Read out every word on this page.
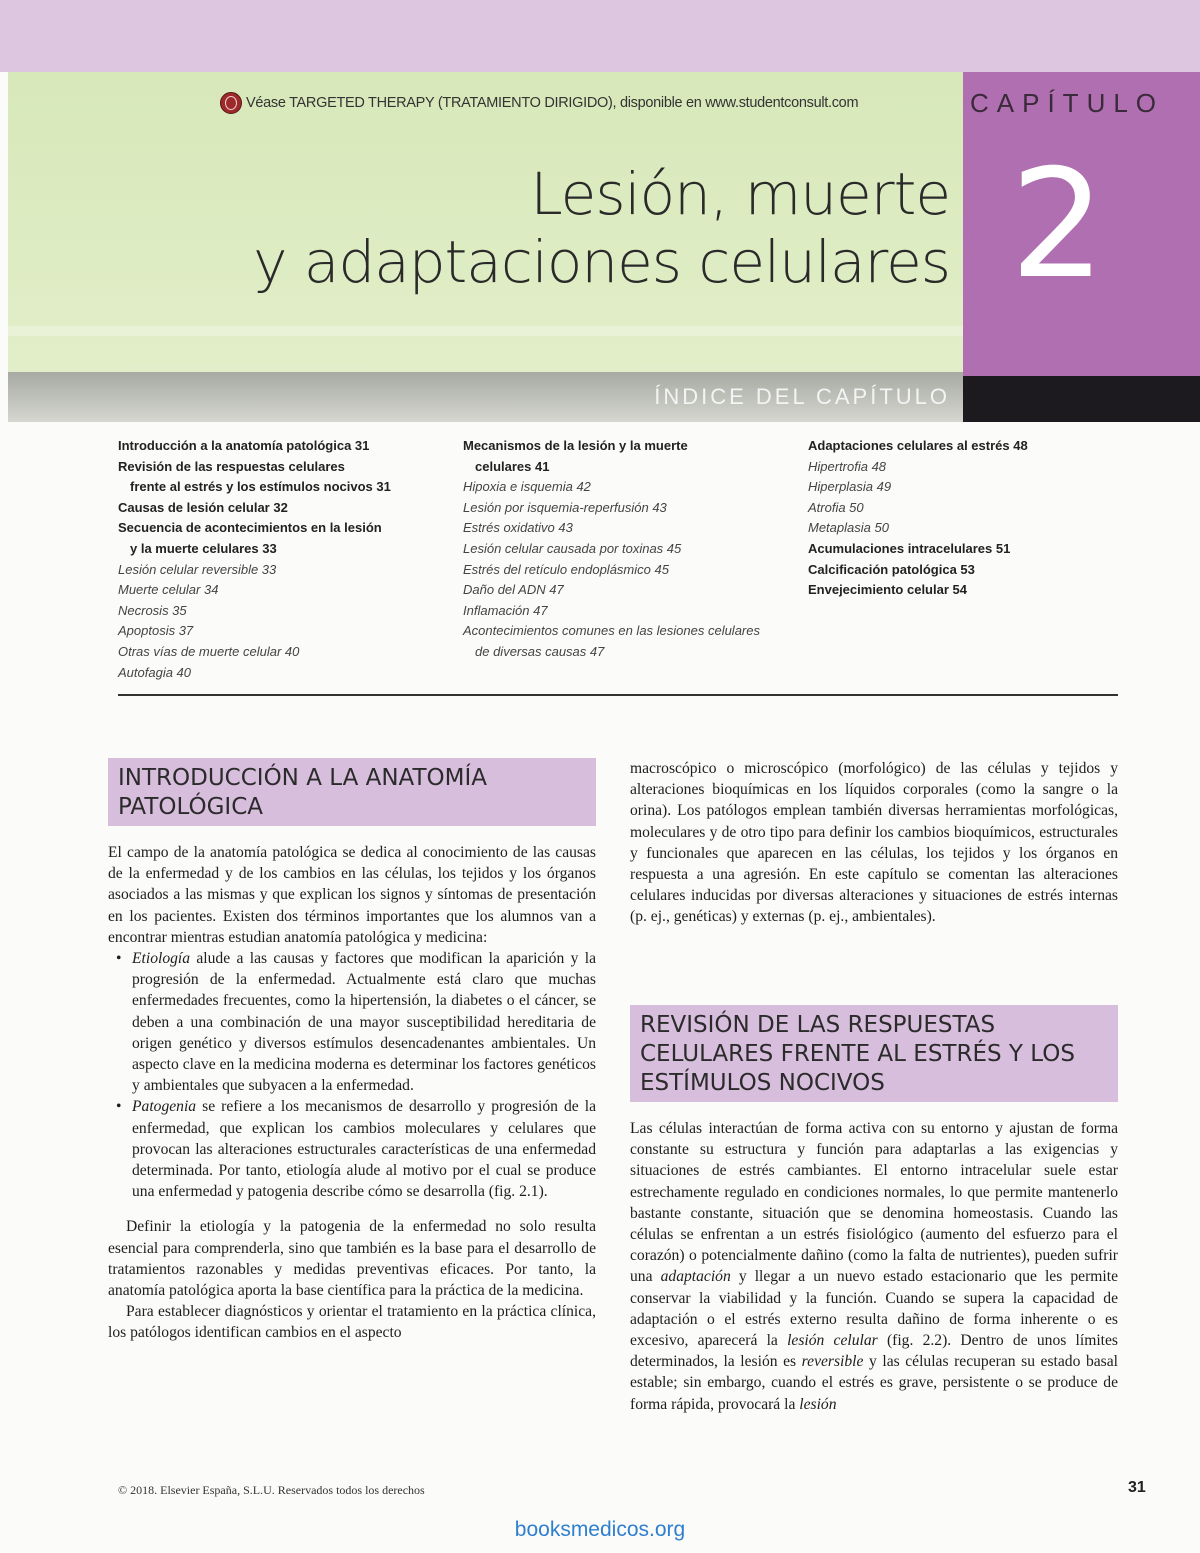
Véase TARGETED THERAPY (TRATAMIENTO DIRIGIDO), disponible en www.studentconsult.com	CAPÍTULO
2
Lesión, muerte
y adaptaciones celulares
ÍNDICE DEL CAPÍTULO
Introducción a la anatomía patológica 31
Revisión de las respuestas celulares
frente al estrés y los estímulos nocivos 31
Causas de lesión celular 32
Secuencia de acontecimientos en la lesión
y la muerte celulares 33
Lesión celular reversible 33
Muerte celular 34
Necrosis 35
Apoptosis 37
Otras vías de muerte celular 40
Autofagia 40
Mecanismos de la lesión y la muerte
celulares 41
Hipoxia e isquemia 42
Lesión por isquemia-reperfusión 43
Estrés oxidativo 43
Lesión celular causada por toxinas 45
Estrés del retículo endoplásmico 45
Daño del ADN 47
Inflamación 47
Acontecimientos comunes en las lesiones celulares
de diversas causas 47
Adaptaciones celulares al estrés 48
Hipertrofia 48
Hiperplasia 49
Atrofia 50
Metaplasia 50
Acumulaciones intracelulares 51
Calcificación patológica 53
Envejecimiento celular 54
INTRODUCCIÓN A LA ANATOMÍA PATOLÓGICA

El campo de la anatomía patológica se dedica al conocimiento de las causas de la enfermedad y de los cambios en las células, los tejidos y los órganos asociados a las mismas y que explican los signos y síntomas de presentación en los pacientes. Existen dos términos importantes que los alumnos van a encontrar mientras estudian anatomía patológica y medicina:

• Etiología alude a las causas y factores que modifican la aparición y la progresión de la enfermedad. Actualmente está claro que muchas enfermedades frecuentes, como la hipertensión, la diabetes o el cáncer, se deben a una combinación de una mayor susceptibilidad hereditaria de origen genético y diversos estímulos desencadenantes ambientales. Un aspecto clave en la medicina moderna es determinar los factores genéticos y ambientales que subyacen a la enfermedad.
• Patogenia se refiere a los mecanismos de desarrollo y progresión de la enfermedad, que explican los cambios moleculares y celulares que provocan las alteraciones estructurales características de una enfermedad determinada. Por tanto, etiología alude al motivo por el cual se produce una enfermedad y patogenia describe cómo se desarrolla (fig. 2.1).

Definir la etiología y la patogenia de la enfermedad no solo resulta esencial para comprenderla, sino que también es la base para el desarrollo de tratamientos razonables y medidas preventivas eficaces. Por tanto, la anatomía patológica aporta la base científica para la práctica de la medicina.

Para establecer diagnósticos y orientar el tratamiento en la práctica clínica, los patólogos identifican cambios en el aspecto

macroscópico o microscópico (morfológico) de las células y tejidos y alteraciones bioquímicas en los líquidos corporales (como la sangre o la orina). Los patólogos emplean también diversas herramientas morfológicas, moleculares y de otro tipo para definir los cambios bioquímicos, estructurales y funcionales que aparecen en las células, los tejidos y los órganos en respuesta a una agresión. En este capítulo se comentan las alteraciones celulares inducidas por diversas alteraciones y situaciones de estrés internas (p. ej., genéticas) y externas (p. ej., ambientales).

REVISIÓN DE LAS RESPUESTAS CELULARES FRENTE AL ESTRÉS Y LOS ESTÍMULOS NOCIVOS

Las células interactúan de forma activa con su entorno y ajustan de forma constante su estructura y función para adaptarlas a las exigencias y situaciones de estrés cambiantes. El entorno intracelular suele estar estrechamente regulado en condiciones normales, lo que permite mantenerlo bastante constante, situación que se denomina homeostasis. Cuando las células se enfrentan a un estrés fisiológico (aumento del esfuerzo para el corazón) o potencialmente dañino (como la falta de nutrientes), pueden sufrir una adaptación y llegar a un nuevo estado estacionario que les permite conservar la viabilidad y la función. Cuando se supera la capacidad de adaptación o el estrés externo resulta dañino de forma inherente o es excesivo, aparecerá la lesión celular (fig. 2.2). Dentro de unos límites determinados, la lesión es reversible y las células recuperan su estado basal estable; sin embargo, cuando el estrés es grave, persistente o se produce de forma rápida, provocará la lesión

© 2018. Elsevier España, S.L.U. Reservados todos los derechos	31
booksmedicos.org
